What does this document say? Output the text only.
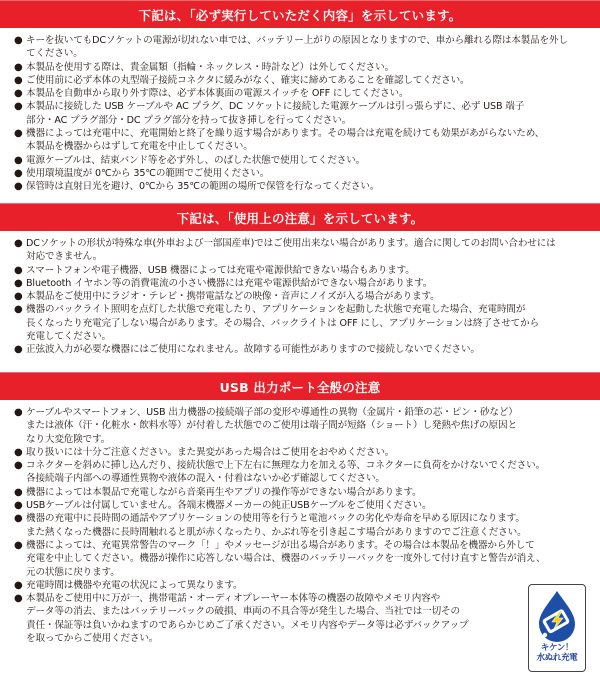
下記は、「必ず実行していただく内容」を示しています。
● キーを抜いてもDCソケットの電源が切れない車では、バッテリー上がりの原因となりますので、車から離れる際は本製品を外し
てください。
● 本製品を使用する際は、貴金属類（指輪・ネックレス・時計など）は外してください。
● ご使用前に必ず本体の丸型端子接続コネクタに緩みがなく、確実に締めてあることを確認してください。
● 本製品を自動車から取り外す際は、必ず本体裏面の電源スイッチを OFF にしてください。
● 本製品に接続した USB ケーブルや AC プラグ、DC ソケットに接続した電源ケーブルは引っ張らずに、必ず USB 端子
部分・AC プラグ部分・DC プラグ部分を持って抜き挿しを行ってください。
● 機器によっては充電中に、充電開始と終了を繰り返す場合があります。その場合は充電を続けても効果があがらないため、
本製品を機器からはずして充電を中止してください。
● 電源ケーブルは、結束バンド等を必ず外し、のばした状態で使用してください。
● 使用環境温度が 0℃から 35℃の範囲でご使用ください。
● 保管時は直射日光を避け、0℃から 35℃の範囲の場所で保管を行なってください。
下記は、「使用上の注意」を示しています。
● DCソケットの形状が特殊な車(外車および一部国産車)ではご使用出来ない場合があります。適合に関してのお問い合わせには
対応できません。
● スマートフォンや電子機器、USB 機器によっては充電や電源供給できない場合もあります。
● Bluetooth イヤホン等の消費電流の小さい機器には充電や電源供給ができない場合があります。
● 本製品をご使用中にラジオ・テレビ・携帯電話などの映像・音声にノイズが入る場合があります。
● 機器のバックライト照明を点灯した状態で充電したり、アプリケーションを起動した状態で充電した場合、充電時間が
長くなったり充電完了しない場合があります。その場合、バックライトは OFF にし、アプリケーションは終了させてから
充電してください。
● 正弦波入力が必要な機器にはご使用になれません。故障する可能性がありますので接続しないでください。
USB 出力ポート全般の注意
● ケーブルやスマートフォン、USB 出力機器の接続端子部の変形や導通性の異物（金属片・鉛筆の芯・ピン・砂など）
または液体（汗・化粧水・飲料水等）が付着した状態でのご使用は端子間が短絡（ショート）し発熱や焦げの原因と
なり大変危険です。
● 取り扱いには十分ご注意ください。また異変があった場合はご使用をおやめください。
● コネクターを斜めに挿し込んだり、接続状態で上下左右に無理な力を加える等、コネクターに負荷をかけないでください。
各接続端子内部への導通性異物や液体の混入・付着はないか必ず確認してください。
● 機器によっては本製品で充電しながら音楽再生やアプリの操作等ができない場合があります。
● USBケーブルは付属していません。各端末機器メーカーの純正USBケーブルをご使用ください。
● 機器の充電中に長時間の通話やアプリケーションの使用等を行うと電池パックの劣化や寿命を早める原因になります。
また熱くなった機器に長時間触れると肌が赤くなったり、かぶれ等を引き起こす場合がありますのでご注意ください。
● 機器によっては、充電異常警告のマーク「！」やメッセージが出る場合があります。その場合は本製品を機器から外して
充電を中止してください。機器が操作に応答しない場合は、機器のバッテリーパックを一度外して付け直すと警告が消え、
元の状態に戻ります。
● 充電時間は機器や充電の状況によって異なります。
● 本製品をご使用中に万が一、携帯電話・オーディオプレーヤー本体等の機器の故障やメモリ内容や
データ等の消去、またはバッテリーパックの破損、車両の不具合等が発生した場合、当社では一切その
責任・保証等は負いかねますのであらかじめご了承ください。メモリ内容やデータ等は必ずバックアップ
を取ってからご使用ください。
キケン！
水ぬれ充電
